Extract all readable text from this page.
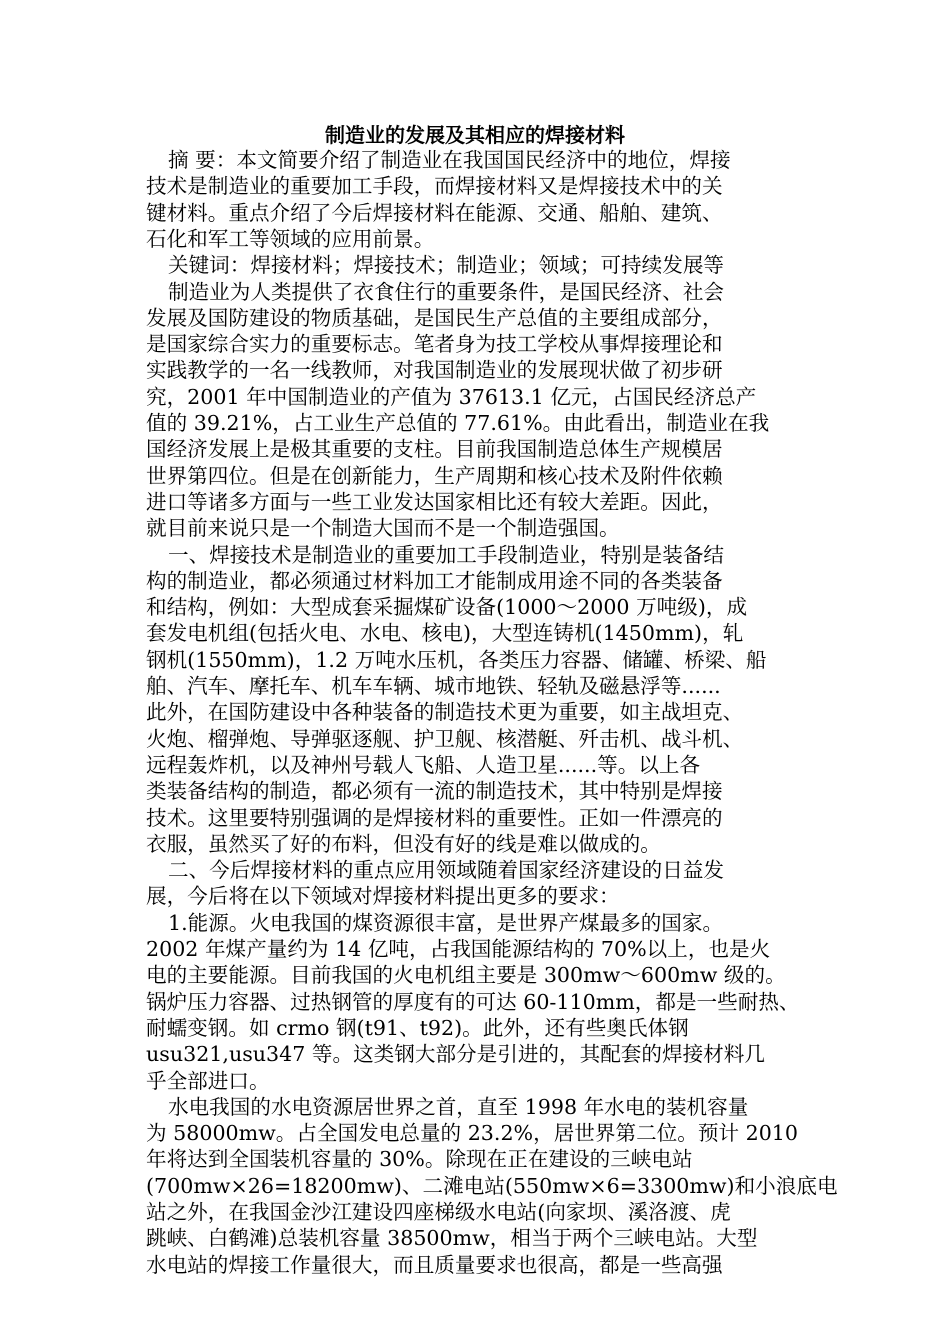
制造业的发展及其相应的焊接材料
摘 要：本文简要介绍了制造业在我国国民经济中的地位，焊接
技术是制造业的重要加工手段，而焊接材料又是焊接技术中的关
键材料。重点介绍了今后焊接材料在能源、交通、船舶、建筑、
石化和军工等领域的应用前景。
关键词：焊接材料；焊接技术；制造业；领域；可持续发展等
制造业为人类提供了衣食住行的重要条件，是国民经济、社会
发展及国防建设的物质基础，是国民生产总值的主要组成部分，
是国家综合实力的重要标志。笔者身为技工学校从事焊接理论和
实践教学的一名一线教师，对我国制造业的发展现状做了初步研
究，2001 年中国制造业的产值为 37613.1 亿元，占国民经济总产
值的 39.21%，占工业生产总值的 77.61%。由此看出，制造业在我
国经济发展上是极其重要的支柱。目前我国制造总体生产规模居
世界第四位。但是在创新能力，生产周期和核心技术及附件依赖
进口等诸多方面与一些工业发达国家相比还有较大差距。因此，
就目前来说只是一个制造大国而不是一个制造强国。
一、焊接技术是制造业的重要加工手段制造业，特别是装备结
构的制造业，都必须通过材料加工才能制成用途不同的各类装备
和结构，例如：大型成套采掘煤矿设备(1000～2000 万吨级)，成
套发电机组(包括火电、水电、核电)，大型连铸机(1450mm)，轧
钢机(1550mm)，1.2 万吨水压机，各类压力容器、储罐、桥梁、船
舶、汽车、摩托车、机车车辆、城市地铁、轻轨及磁悬浮等......
此外，在国防建设中各种装备的制造技术更为重要，如主战坦克、
火炮、榴弹炮、导弹驱逐舰、护卫舰、核潜艇、歼击机、战斗机、
远程轰炸机，以及神州号载人飞船、人造卫星......等。以上各
类装备结构的制造，都必须有一流的制造技术，其中特别是焊接
技术。这里要特别强调的是焊接材料的重要性。正如一件漂亮的
衣服，虽然买了好的布料，但没有好的线是难以做成的。
二、今后焊接材料的重点应用领域随着国家经济建设的日益发
展，今后将在以下领域对焊接材料提出更多的要求：
1.能源。火电我国的煤资源很丰富，是世界产煤最多的国家。
2002 年煤产量约为 14 亿吨，占我国能源结构的 70%以上，也是火
电的主要能源。目前我国的火电机组主要是 300mw～600mw 级的。
锅炉压力容器、过热钢管的厚度有的可达 60-110mm，都是一些耐热、
耐蠕变钢。如 crmo 钢(t91、t92)。此外，还有些奥氏体钢
usu321,usu347 等。这类钢大部分是引进的，其配套的焊接材料几
乎全部进口。
水电我国的水电资源居世界之首，直至 1998 年水电的装机容量
为 58000mw。占全国发电总量的 23.2%，居世界第二位。预计 2010
年将达到全国装机容量的 30%。除现在正在建设的三峡电站
(700mw×26=18200mw)、二滩电站(550mw×6=3300mw)和小浪底电
站之外，在我国金沙江建设四座梯级水电站(向家坝、溪洛渡、虎
跳峡、白鹤滩)总装机容量 38500mw，相当于两个三峡电站。大型
水电站的焊接工作量很大，而且质量要求也很高，都是一些高强
